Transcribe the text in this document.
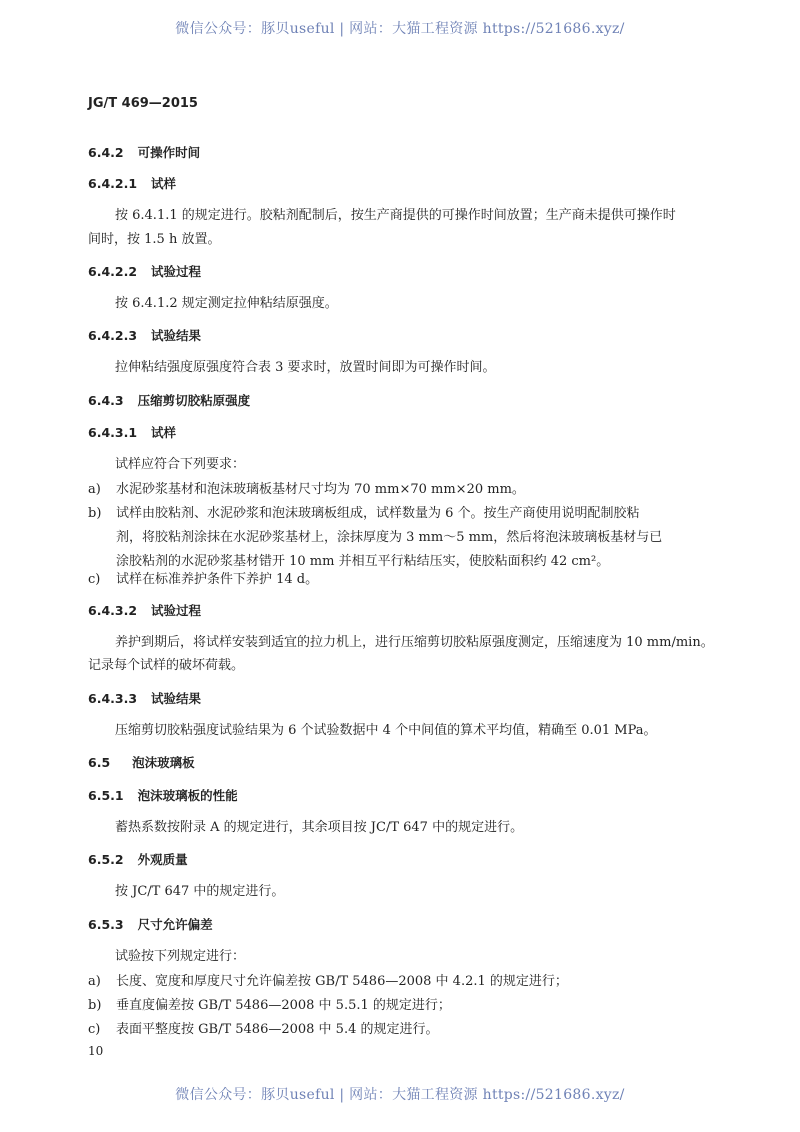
微信公众号：豚贝useful | 网站：大猫工程资源 https://521686.xyz/
JG/T 469—2015
6.4.2 可操作时间
6.4.2.1 试样
按 6.4.1.1 的规定进行。胶粘剂配制后，按生产商提供的可操作时间放置；生产商未提供可操作时
间时，按 1.5 h 放置。
6.4.2.2 试验过程
按 6.4.1.2 规定测定拉伸粘结原强度。
6.4.2.3 试验结果
拉伸粘结强度原强度符合表 3 要求时，放置时间即为可操作时间。
6.4.3 压缩剪切胶粘原强度
6.4.3.1 试样
试样应符合下列要求：
a) 水泥砂浆基材和泡沫玻璃板基材尺寸均为 70 mm×70 mm×20 mm。
b) 试样由胶粘剂、水泥砂浆和泡沫玻璃板组成，试样数量为 6 个。按生产商使用说明配制胶粘
剂，将胶粘剂涂抹在水泥砂浆基材上，涂抹厚度为 3 mm～5 mm，然后将泡沫玻璃板基材与已
涂胶粘剂的水泥砂浆基材错开 10 mm 并相互平行粘结压实，使胶粘面积约 42 cm²。
c) 试样在标准养护条件下养护 14 d。
6.4.3.2 试验过程
养护到期后，将试样安装到适宜的拉力机上，进行压缩剪切胶粘原强度测定，压缩速度为 10 mm/min。
记录每个试样的破坏荷载。
6.4.3.3 试验结果
压缩剪切胶粘强度试验结果为 6 个试验数据中 4 个中间值的算术平均值，精确至 0.01 MPa。
6.5 泡沫玻璃板
6.5.1 泡沫玻璃板的性能
蓄热系数按附录 A 的规定进行，其余项目按 JC/T 647 中的规定进行。
6.5.2 外观质量
按 JC/T 647 中的规定进行。
6.5.3 尺寸允许偏差
试验按下列规定进行：
a) 长度、宽度和厚度尺寸允许偏差按 GB/T 5486—2008 中 4.2.1 的规定进行；
b) 垂直度偏差按 GB/T 5486—2008 中 5.5.1 的规定进行；
c) 表面平整度按 GB/T 5486—2008 中 5.4 的规定进行。
10
微信公众号：豚贝useful | 网站：大猫工程资源 https://521686.xyz/
